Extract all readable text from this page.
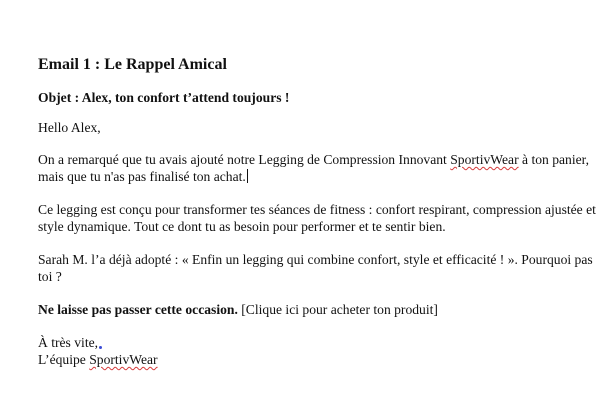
Email 1 : Le Rappel Amical
Objet : Alex, ton confort t’attend toujours !
Hello Alex,
On a remarqué que tu avais ajouté notre Legging de Compression Innovant SportivWear à ton panier, mais que tu n'as pas finalisé ton achat.
Ce legging est conçu pour transformer tes séances de fitness : confort respirant, compression ajustée et style dynamique. Tout ce dont tu as besoin pour performer et te sentir bien.
Sarah M. l’a déjà adopté : « Enfin un legging qui combine confort, style et efficacité ! ». Pourquoi pas toi ?
Ne laisse pas passer cette occasion. [Clique ici pour acheter ton produit]
À très vite,
L’équipe SportivWear
